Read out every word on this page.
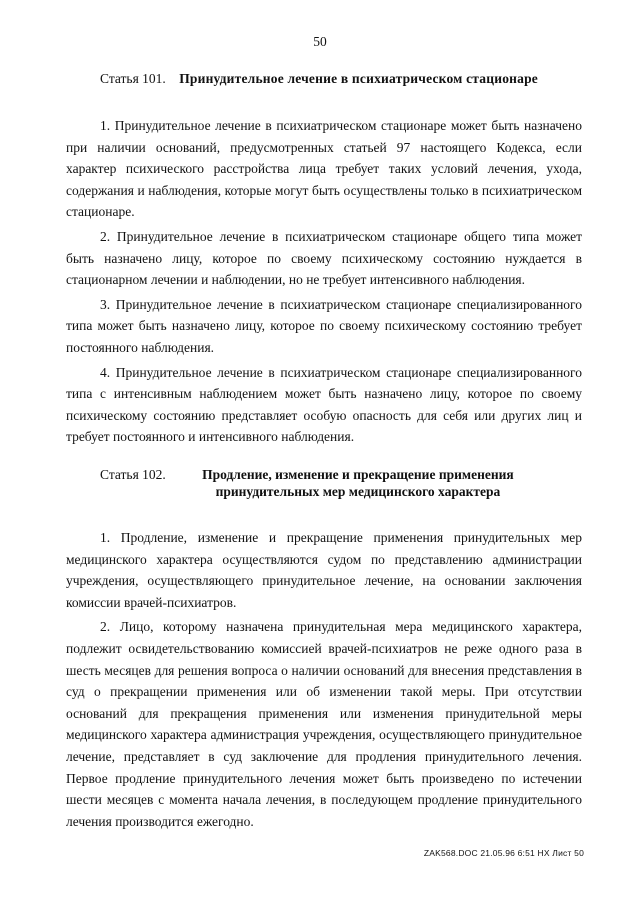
50

Статья 101. Принудительное лечение в психиатрическом стационаре

1. Принудительное лечение в психиатрическом стационаре может быть назначено при наличии оснований, предусмотренных статьей 97 настоящего Кодекса, если характер психического расстройства лица требует таких условий лечения, ухода, содержания и наблюдения, которые могут быть осуществлены только в психиатрическом стационаре.

2. Принудительное лечение в психиатрическом стационаре общего типа может быть назначено лицу, которое по своему психическому состоянию нуждается в стационарном лечении и наблюдении, но не требует интенсивного наблюдения.

3. Принудительное лечение в психиатрическом стационаре специализированного типа может быть назначено лицу, которое по своему психическому состоянию требует постоянного наблюдения.

4. Принудительное лечение в психиатрическом стационаре специализированного типа с интенсивным наблюдением может быть назначено лицу, которое по своему психическому состоянию представляет особую опасность для себя или других лиц и требует постоянного и интенсивного наблюдения.

Статья 102.	Продление, изменение и прекращение применения
принудительных мер медицинского характера

1. Продление, изменение и прекращение применения принудительных мер медицинского характера осуществляются судом по представлению администрации учреждения, осуществляющего принудительное лечение, на основании заключения комиссии врачей-психиатров.

2. Лицо, которому назначена принудительная мера медицинского характера, подлежит освидетельствованию комиссией врачей-психиатров не реже одного раза в шесть месяцев для решения вопроса о наличии оснований для внесения представления в суд о прекращении применения или об изменении такой меры. При отсутствии оснований для прекращения применения или изменения принудительной меры медицинского характера администрация учреждения, осуществляющего принудительное лечение, представляет в суд заключение для продления принудительного лечения. Первое продление принудительного лечения может быть произведено по истечении шести месяцев с момента начала лечения, в последующем продление принудительного лечения производится ежегодно.

ZAK568.DOC 21.05.96 6:51 НХ Лист 50
